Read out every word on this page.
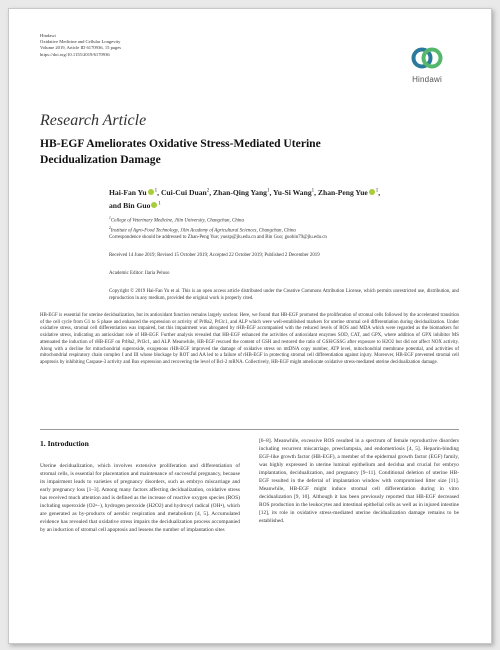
Hindawi
Oxidative Medicine and Cellular Longevity
Volume 2019, Article ID 6170936, 15 pages
https://doi.org/10.1155/2019/6170936
Hindawi
Research Article
HB-EGF Ameliorates Oxidative Stress-Mediated Uterine Decidualization Damage
Hai-Fan Yu $^1$, Cui-Cui Duan$^2$, Zhan-Qing Yang$^1$, Yu-Si Wang$^1$, Zhan-Peng Yue $^1$,
and Bin Guo $^1$
$^1$College of Veterinary Medicine, Jilin University, Changchun, China
$^2$Institute of Agro-Food Technology, Jilin Academy of Agricultural Sciences, Changchun, China
Correspondence should be addressed to Zhan-Peng Yue; yuezp@jlu.edu.cn and Bin Guo; guobin79@jlu.edu.cn
Received 14 June 2019; Revised 15 October 2019; Accepted 22 October 2019; Published 2 December 2019
Academic Editor: Ilaria Peluso
Copyright © 2019 Hai-Fan Yu et al. This is an open access article distributed under the Creative Commons Attribution License, which permits unrestricted use, distribution, and reproduction in any medium, provided the original work is properly cited.
HB-EGF is essential for uterine decidualization, but its antioxidant function remains largely unclear. Here, we found that HB-EGF promoted the proliferation of stromal cells followed by the accelerated transition of the cell cycle from G1 to S phase and enhanced the expression or activity of Prl8a2, Prl3c1, and ALP which were well-established markers for uterine stromal cell differentiation during decidualization. Under oxidative stress, stromal cell differentiation was impaired, but this impairment was abrogated by rHB-EGF accompanied with the reduced levels of ROS and MDA which were regarded as the biomarkers for oxidative stress, indicating an antioxidant role of HB-EGF. Further analysis revealed that HB-EGF enhanced the activities of antioxidant enzymes SOD, CAT, and GPX, where addition of GPX inhibitor MS attenuated the induction of rHB-EGF on Prl8a2, Prl3c1, and ALP. Meanwhile, HB-EGF rescued the content of GSH and restored the ratio of GSH/GSSG after exposure to H2O2 but did not affect NOX activity. Along with a decline for mitochondrial superoxide, exogenous rHB-EGF improved the damage of oxidative stress on mtDNA copy number, ATP level, mitochondrial membrane potential, and activities of mitochondrial respiratory chain complex I and III whose blockage by ROT and AA led to a failure of rHB-EGF in protecting stromal cell differentiation against injury. Moreover, HB-EGF prevented stromal cell apoptosis by inhibiting Caspase-3 activity and Bax expression and recovering the level of Bcl-2 mRNA. Collectively, HB-EGF might ameliorate oxidative stress-mediated uterine decidualization damage.
1. Introduction
Uterine decidualization, which involves extensive proliferation and differentiation of stromal cells, is essential for placentation and maintenance of successful pregnancy, because its impairment leads to varieties of pregnancy disorders, such as embryo miscarriage and early pregnancy loss [1–3]. Among many factors affecting decidualization, oxidative stress has received much attention and is defined as the increase of reactive oxygen species (ROS) including superoxide (O2•−), hydrogen peroxide (H2O2) and hydroxyl radical (OH•), which are generated as by-products of aerobic respiration and metabolism [4, 5]. Accumulated evidence has revealed that oxidative stress impairs the decidualization process accompanied by an induction of stromal cell apoptosis and lessens the number of implantation sites
[6–8]. Meanwhile, excessive ROS resulted in a spectrum of female reproductive disorders including recurrent miscarriage, preeclampsia, and endometriosis [4, 5]. Heparin-binding EGF-like growth factor (HB-EGF), a member of the epidermal growth factor (EGF) family, was highly expressed in uterine luminal epithelium and decidua and crucial for embryo implantation, decidualization, and pregnancy [9–11]. Conditional deletion of uterine HB-EGF resulted in the deferral of implantation window with compromised litter size [11]. Meanwhile, HB-EGF might induce stromal cell differentiation during in vitro decidualization [9, 10]. Although it has been previously reported that HB-EGF decreased ROS production in the leukocytes and intestinal epithelial cells as well as in injured intestine [12], its role in oxidative stress-mediated uterine decidualization damage remains to be established.
